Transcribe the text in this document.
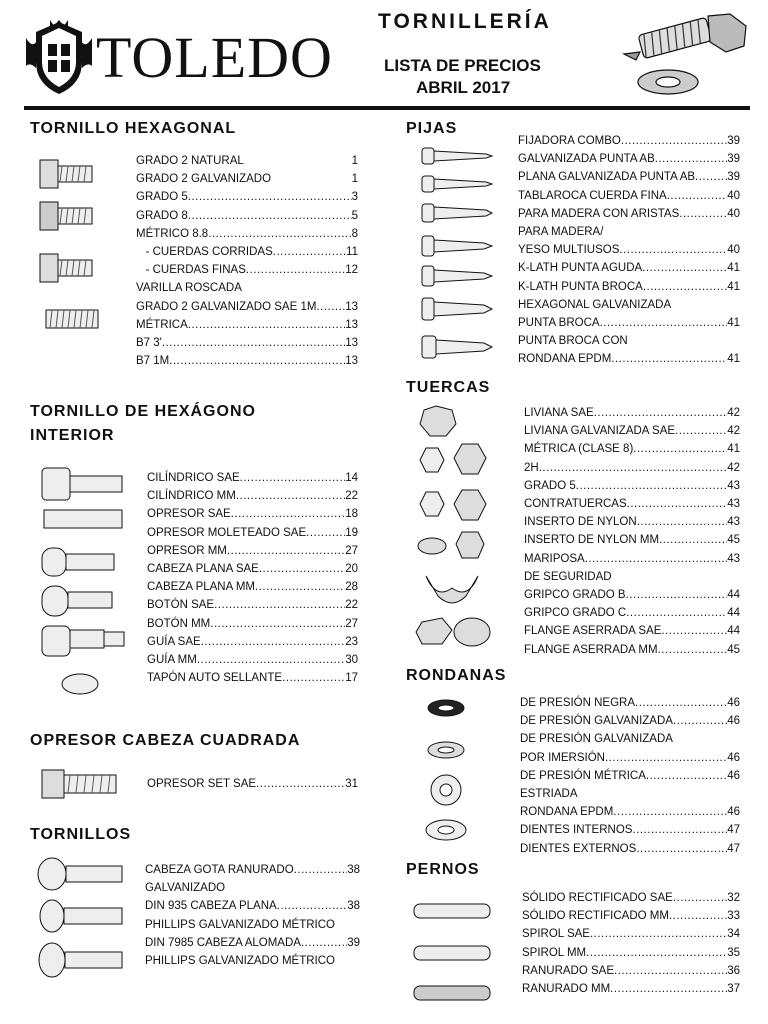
TOLEDO
TORNILLERÍA
LISTA DE PRECIOS
ABRIL 2017
TORNILLO HEXAGONAL
GRADO 2 NATURAL	1
GRADO 2 GALVANIZADO	1
GRADO 5 .....	3
GRADO 8 .....	5
MÉTRICO 8.8 .....	8
- CUERDAS CORRIDAS .....	11
- CUERDAS FINAS .....	12
VARILLA ROSCADA
GRADO 2 GALVANIZADO SAE 1M .....	13
MÉTRICA .....	13
B7 3' .....	13
B7 1M .....	13
TORNILLO DE HEXÁGONO
INTERIOR
CILÍNDRICO SAE .....	14
CILÍNDRICO MM .....	22
OPRESOR SAE .....	18
OPRESOR MOLETEADO SAE .....	19
OPRESOR MM .....	27
CABEZA PLANA SAE .....	20
CABEZA PLANA MM .....	28
BOTÓN SAE .....	22
BOTÓN MM .....	27
GUÍA SAE .....	23
GUÍA MM .....	30
TAPÓN AUTO SELLANTE .....	17
OPRESOR CABEZA CUADRADA
OPRESOR SET SAE .....	31
TORNILLOS
CABEZA GOTA RANURADO .....	38
GALVANIZADO
DIN 935 CABEZA PLANA .....	38
PHILLIPS GALVANIZADO MÉTRICO
DIN 7985 CABEZA ALOMADA .....	39
PHILLIPS GALVANIZADO MÉTRICO
PIJAS
FIJADORA COMBO .....	39
GALVANIZADA PUNTA AB .....	39
PLANA GALVANIZADA PUNTA AB .....	39
TABLAROCA CUERDA FINA .....	40
PARA MADERA CON ARISTAS .....	40
PARA MADERA/
YESO MULTIUSOS .....	40
K-LATH PUNTA AGUDA .....	41
K-LATH PUNTA BROCA .....	41
HEXAGONAL GALVANIZADA
PUNTA BROCA .....	41
PUNTA BROCA CON
RONDANA EPDM .....	41
TUERCAS
LIVIANA SAE .....	42
LIVIANA GALVANIZADA SAE .....	42
MÉTRICA (CLASE 8) .....	41
2H .....	42
GRADO 5 .....	43
CONTRATUERCAS .....	43
INSERTO DE NYLON .....	43
INSERTO DE NYLON MM .....	45
MARIPOSA .....	43
DE SEGURIDAD
GRIPCO GRADO B .....	44
GRIPCO GRADO C .....	44
FLANGE ASERRADA SAE .....	44
FLANGE ASERRADA MM .....	45
RONDANAS
DE PRESIÓN NEGRA .....	46
DE PRESIÓN GALVANIZADA .....	46
DE PRESIÓN GALVANIZADA
POR IMERSIÓN .....	46
DE PRESIÓN MÉTRICA .....	46
ESTRIADA
RONDANA EPDM .....	46
DIENTES INTERNOS .....	47
DIENTES EXTERNOS .....	47
PERNOS
SÓLIDO RECTIFICADO SAE .....	32
SÓLIDO RECTIFICADO MM .....	33
SPIROL SAE .....	34
SPIROL MM .....	35
RANURADO SAE .....	36
RANURADO MM .....	37
